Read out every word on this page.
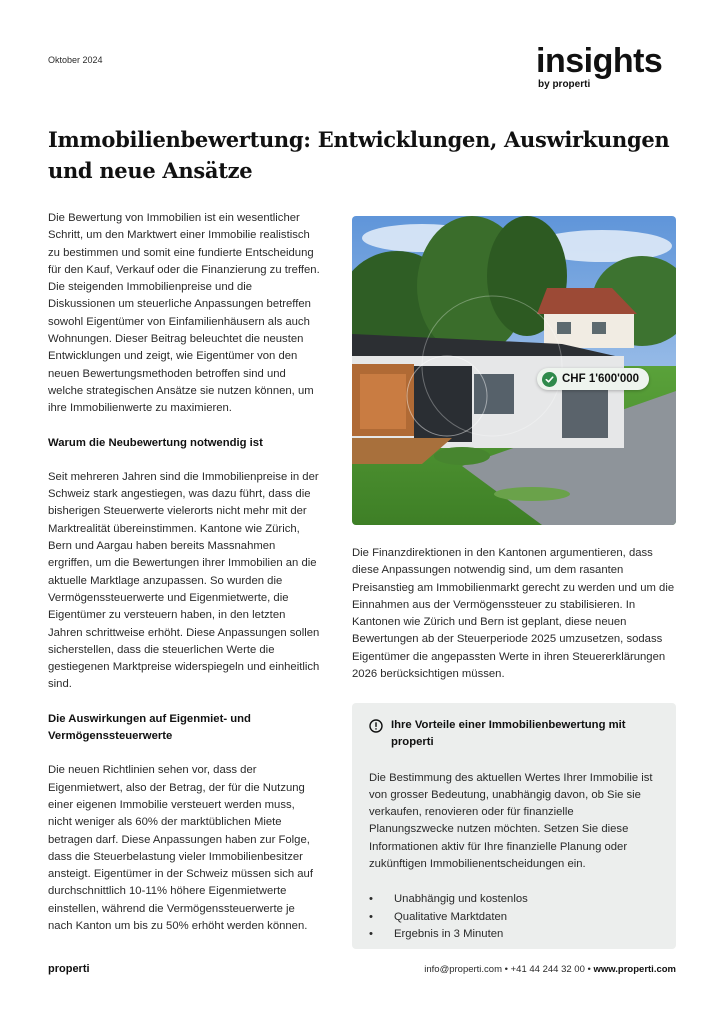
Oktober 2024	insights
by properti
Immobilienbewertung: Entwicklungen, Auswirkungen und neue Ansätze

Die Bewertung von Immobilien ist ein wesentlicher Schritt, um den Marktwert einer Immobilie realistisch zu bestimmen und somit eine fundierte Entscheidung für den Kauf, Verkauf oder die Finanzierung zu treffen. Die steigenden Immobilienpreise und die Diskussionen um steuerliche Anpassungen betreffen sowohl Eigentümer von Einfamilienhäusern als auch Wohnungen. Dieser Beitrag beleuchtet die neusten Entwicklungen und zeigt, wie Eigentümer von den neuen Bewertungsmethoden betroffen sind und welche strategischen Ansätze sie nutzen können, um ihre Immobilienwerte zu maximieren.

Warum die Neubewertung notwendig ist

Seit mehreren Jahren sind die Immobilienpreise in der Schweiz stark angestiegen, was dazu führt, dass die bisherigen Steuerwerte vielerorts nicht mehr mit der Marktrealität übereinstimmen. Kantone wie Zürich, Bern und Aargau haben bereits Massnahmen ergriffen, um die Bewertungen ihrer Immobilien an die aktuelle Marktlage anzupassen. So wurden die Vermögenssteuerwerte und Eigenmietwerte, die Eigentümer zu versteuern haben, in den letzten Jahren schrittweise erhöht. Diese Anpassungen sollen sicherstellen, dass die steuerlichen Werte die gestiegenen Marktpreise widerspiegeln und einheitlich sind.

Die Auswirkungen auf Eigenmiet- und Vermögenssteuerwerte

Die neuen Richtlinien sehen vor, dass der Eigenmietwert, also der Betrag, der für die Nutzung einer eigenen Immobilie versteuert werden muss, nicht weniger als 60% der marktüblichen Miete betragen darf. Diese Anpassungen haben zur Folge, dass die Steuerbelastung vieler Immobilienbesitzer ansteigt. Eigentümer in der Schweiz müssen sich auf durchschnittlich 10-11% höhere Eigenmietwerte einstellen, während die Vermögenssteuerwerte je nach Kanton um bis zu 50% erhöht werden können.

CHF 1'600'000

Die Finanzdirektionen in den Kantonen argumentieren, dass diese Anpassungen notwendig sind, um dem rasanten Preisanstieg am Immobilienmarkt gerecht zu werden und um die Einnahmen aus der Vermögenssteuer zu stabilisieren. In Kantonen wie Zürich und Bern ist geplant, diese neuen Bewertungen ab der Steuerperiode 2025 umzusetzen, sodass Eigentümer die angepassten Werte in ihren Steuererklärungen 2026 berücksichtigen müssen.

Ihre Vorteile einer Immobilienbewertung mit properti

Die Bestimmung des aktuellen Wertes Ihrer Immobilie ist von grosser Bedeutung, unabhängig davon, ob Sie sie verkaufen, renovieren oder für finanzielle Planungszwecke nutzen möchten. Setzen Sie diese Informationen aktiv für Ihre finanzielle Planung oder zukünftigen Immobilienentscheidungen ein.

• Unabhängig und kostenlos
• Qualitative Marktdaten
• Ergebnis in 3 Minuten
properti	info@properti.com • +41 44 244 32 00 • www.properti.com
